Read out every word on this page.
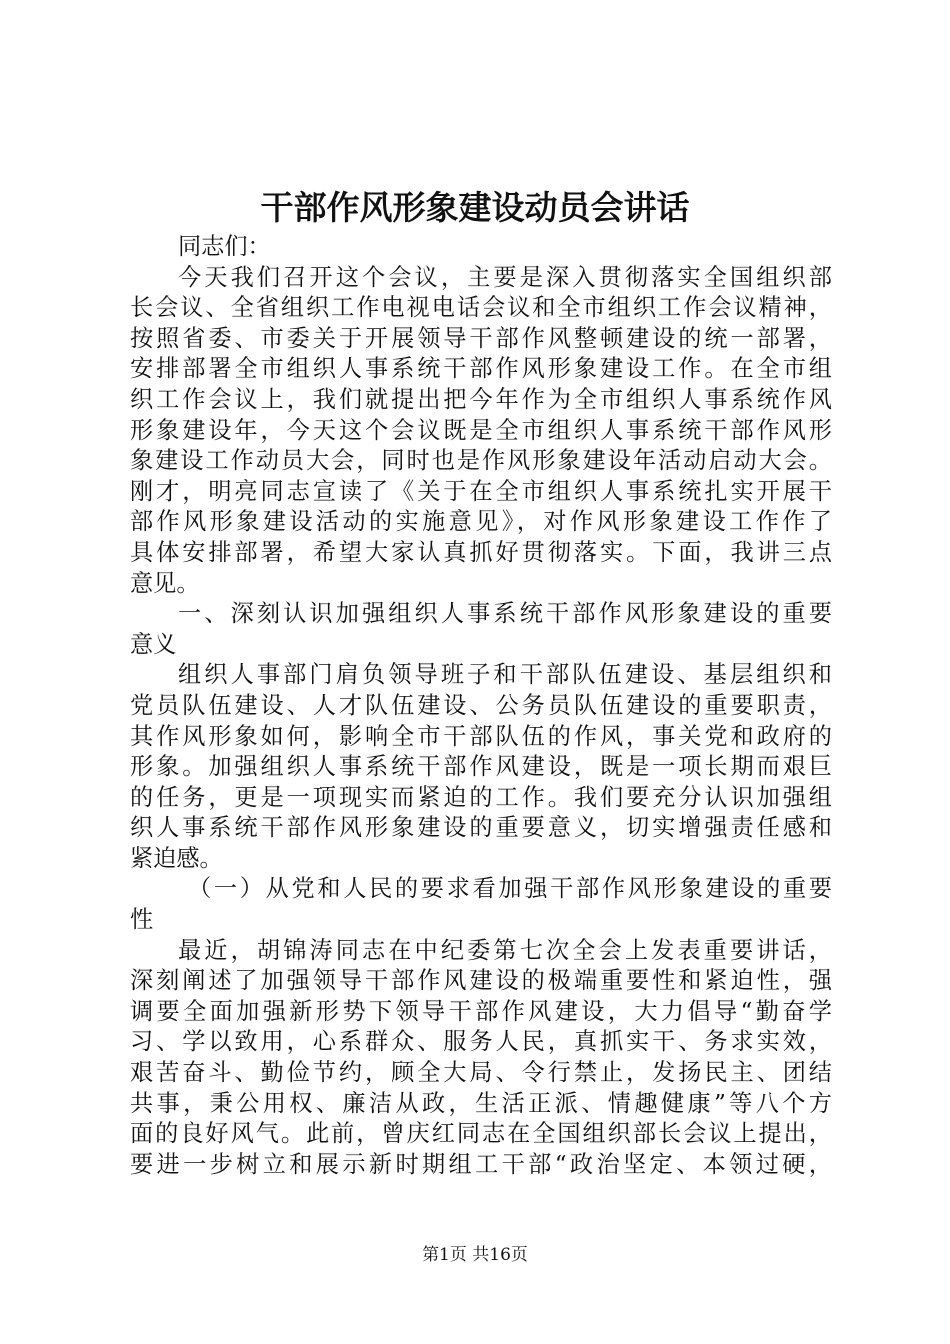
干部作风形象建设动员会讲话
同志们：
今天我们召开这个会议，主要是深入贯彻落实全国组织部
长会议、全省组织工作电视电话会议和全市组织工作会议精神，
按照省委、市委关于开展领导干部作风整顿建设的统一部署，
安排部署全市组织人事系统干部作风形象建设工作。在全市组
织工作会议上，我们就提出把今年作为全市组织人事系统作风
形象建设年，今天这个会议既是全市组织人事系统干部作风形
象建设工作动员大会，同时也是作风形象建设年活动启动大会。
刚才，明亮同志宣读了《关于在全市组织人事系统扎实开展干
部作风形象建设活动的实施意见》，对作风形象建设工作作了
具体安排部署，希望大家认真抓好贯彻落实。下面，我讲三点
意见。
一、深刻认识加强组织人事系统干部作风形象建设的重要
意义
组织人事部门肩负领导班子和干部队伍建设、基层组织和
党员队伍建设、人才队伍建设、公务员队伍建设的重要职责，
其作风形象如何，影响全市干部队伍的作风，事关党和政府的
形象。加强组织人事系统干部作风建设，既是一项长期而艰巨
的任务，更是一项现实而紧迫的工作。我们要充分认识加强组
织人事系统干部作风形象建设的重要意义，切实增强责任感和
紧迫感。
（一）从党和人民的要求看加强干部作风形象建设的重要
性
最近，胡锦涛同志在中纪委第七次全会上发表重要讲话，
深刻阐述了加强领导干部作风建设的极端重要性和紧迫性，强
调要全面加强新形势下领导干部作风建设，大力倡导“勤奋学
习、学以致用，心系群众、服务人民，真抓实干、务求实效，
艰苦奋斗、勤俭节约，顾全大局、令行禁止，发扬民主、团结
共事，秉公用权、廉洁从政，生活正派、情趣健康”等八个方
面的良好风气。此前，曾庆红同志在全国组织部长会议上提出，
要进一步树立和展示新时期组工干部“政治坚定、本领过硬，
第1页 共16页
